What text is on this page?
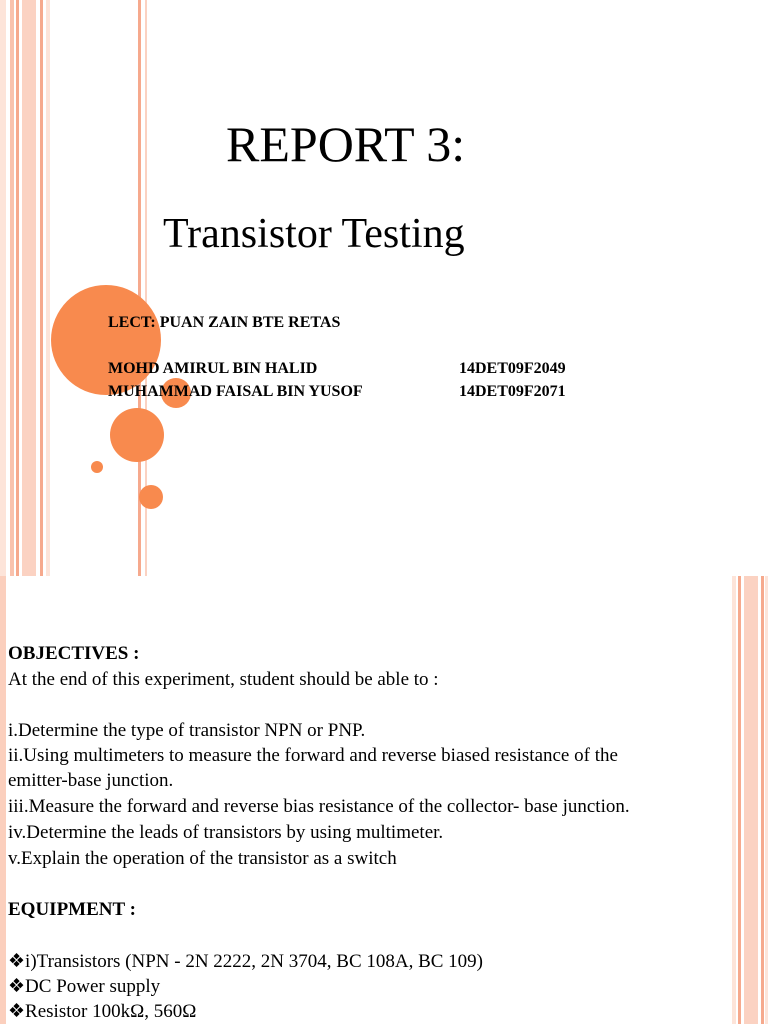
REPORT 3:
Transistor Testing
LECT: PUAN ZAIN BTE RETAS
MOHD AMIRUL BIN HALID	14DET09F2049
MUHAMMAD FAISAL BIN YUSOF	14DET09F2071
OBJECTIVES :
At the end of this experiment, student should be able to :
i.Determine the type of transistor NPN or PNP.
ii.Using multimeters to measure the forward and reverse biased resistance of the
emitter-base junction.
iii.Measure the forward and reverse bias resistance of the collector- base junction.
iv.Determine the leads of transistors by using multimeter.
v.Explain the operation of the transistor as a switch
EQUIPMENT :
❖i)Transistors (NPN - 2N 2222, 2N 3704, BC 108A, BC 109)
❖DC Power supply
❖Resistor 100kΩ, 560Ω
